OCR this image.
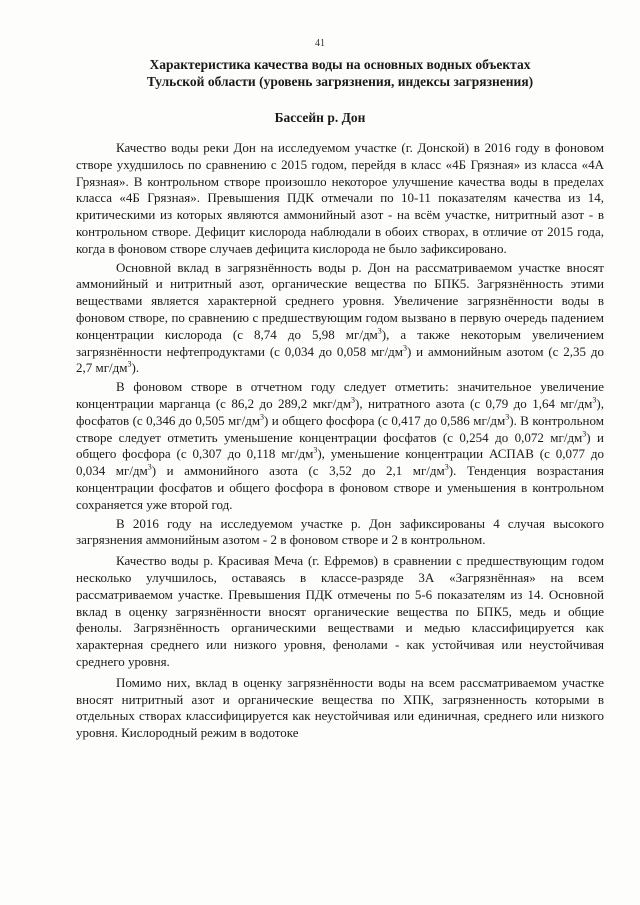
41
Характеристика качества воды на основных водных объектах
Тульской области (уровень загрязнения, индексы загрязнения)
Бассейн р. Дон

Качество воды реки Дон на исследуемом участке (г. Донской) в 2016 году в фоновом створе ухудшилось по сравнению с 2015 годом, перейдя в класс «4Б Грязная» из класса «4А Грязная». В контрольном створе произошло некоторое улучшение качества воды в пределах класса «4Б Грязная». Превышения ПДК отмечали по 10-11 показателям качества из 14, критическими из которых являются аммонийный азот - на всём участке, нитритный азот - в контрольном створе. Дефицит кислорода наблюдали в обоих створах, в отличие от 2015 года, когда в фоновом створе случаев дефицита кислорода не было зафиксировано.

Основной вклад в загрязнённость воды р. Дон на рассматриваемом участке вносят аммонийный и нитритный азот, органические вещества по БПК5. Загрязнённость этими веществами является характерной среднего уровня. Увеличение загрязнённости воды в фоновом створе, по сравнению с предшествующим годом вызвано в первую очередь падением концентрации кислорода (с 8,74 до 5,98 $мг/дм^3$), а также некоторым увеличением загрязнённости нефтепродуктами (с 0,034 до 0,058 $мг/дм^3$) и аммонийным азотом (с 2,35 до 2,7 $мг/дм^3$).

В фоновом створе в отчетном году следует отметить: значительное увеличение концентрации марганца (с 86,2 до 289,2 мкг/$дм^3$), нитратного азота (с 0,79 до 1,64 $мг/дм^3$), фосфатов (с 0,346 до 0,505 $мг/дм^3$) и общего фосфора (с 0,417 до 0,586 $мг/дм^3$). В контрольном створе следует отметить уменьшение концентрации фосфатов (с 0,254 до 0,072 $мг/дм^3$) и общего фосфора (с 0,307 до 0,118 $мг/дм^3$), уменьшение концентрации АСПАВ (с 0,077 до 0,034 $мг/дм^3$) и аммонийного азота (с 3,52 до 2,1 $мг/дм^3$). Тенденция возрастания концентрации фосфатов и общего фосфора в фоновом створе и уменьшения в контрольном сохраняется уже второй год.

В 2016 году на исследуемом участке р. Дон зафиксированы 4 случая высокого загрязнения аммонийным азотом - 2 в фоновом створе и 2 в контрольном.

Качество воды р. Красивая Меча (г. Ефремов) в сравнении с предшествующим годом несколько улучшилось, оставаясь в классе-разряде 3А «Загрязнённая» на всем рассматриваемом участке. Превышения ПДК отмечены по 5-6 показателям из 14. Основной вклад в оценку загрязнённости вносят органические вещества по БПК5, медь и общие фенолы. Загрязнённость органическими веществами и медью классифицируется как характерная среднего или низкого уровня, фенолами - как устойчивая или неустойчивая среднего уровня.

Помимо них, вклад в оценку загрязнённости воды на всем рассматриваемом участке вносят нитритный азот и органические вещества по ХПК, загрязненность которыми в отдельных створах классифицируется как неустойчивая или единичная, среднего или низкого уровня. Кислородный режим в водотоке
